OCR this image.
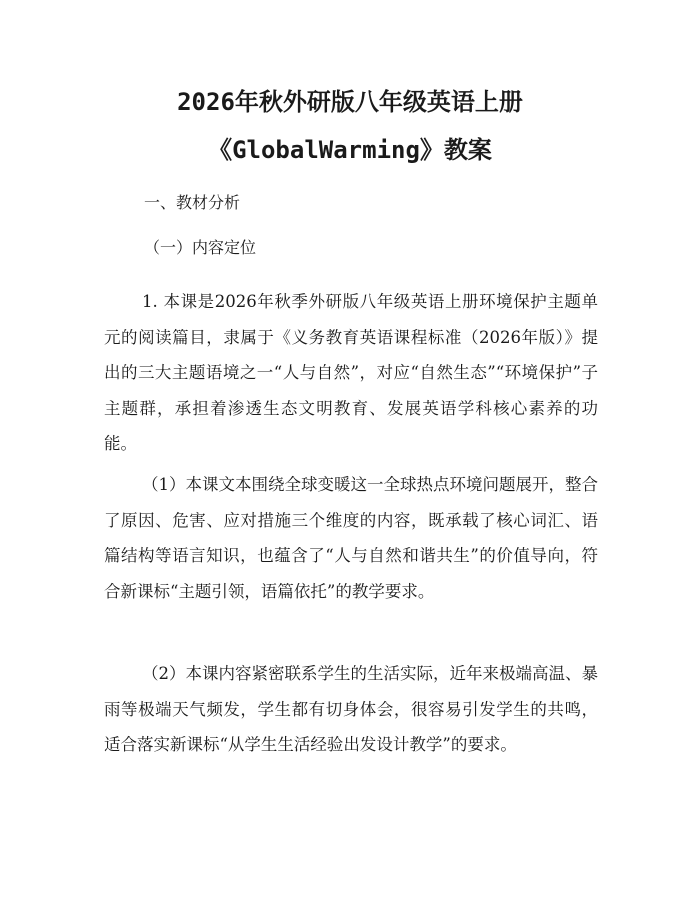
2026年秋外研版八年级英语上册
《GlobalWarming》教案

一、教材分析

（一）内容定位

1. 本课是2026年秋季外研版八年级英语上册环境保护主题单元的阅读篇目，隶属于《义务教育英语课程标准（2026年版）》提出的三大主题语境之一“人与自然”，对应“自然生态”“环境保护”子主题群，承担着渗透生态文明教育、发展英语学科核心素养的功能。

（1）本课文本围绕全球变暖这一全球热点环境问题展开，整合了原因、危害、应对措施三个维度的内容，既承载了核心词汇、语篇结构等语言知识，也蕴含了“人与自然和谐共生”的价值导向，符合新课标“主题引领，语篇依托”的教学要求。

（2）本课内容紧密联系学生的生活实际，近年来极端高温、暴雨等极端天气频发，学生都有切身体会，很容易引发学生的共鸣，适合落实新课标“从学生生活经验出发设计教学”的要求。
